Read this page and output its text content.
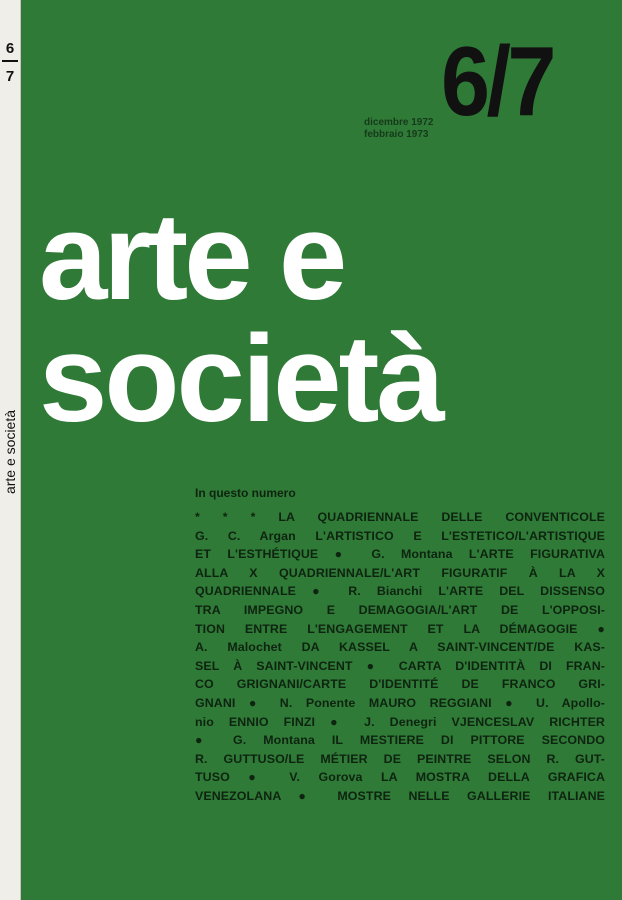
6
7
arte e società
6/7
dicembre 1972
febbraio 1973
arte e
società
In questo numero
* * * LA QUADRIENNALE DELLE CONVENTICOLE
G. C. Argan L'ARTISTICO E L'ESTETICO/L'ARTISTIQUE
ET L'ESTHÉTIQUE ● G. Montana L'ARTE FIGURATIVA
ALLA X QUADRIENNALE/L'ART FIGURATIF À LA X
QUADRIENNALE ● R. Bianchi L'ARTE DEL DISSENSO
TRA IMPEGNO E DEMAGOGIA/L'ART DE L'OPPOSI-
TION ENTRE L'ENGAGEMENT ET LA DÉMAGOGIE ●
A. Malochet DA KASSEL A SAINT-VINCENT/DE KAS-
SEL À SAINT-VINCENT ● CARTA D'IDENTITÀ DI FRAN-
CO GRIGNANI/CARTE D'IDENTITÉ DE FRANCO GRI-
GNANI ● N. Ponente MAURO REGGIANI ● U. Apollo-
nio ENNIO FINZI ● J. Denegri VJENCESLAV RICHTER
● G. Montana IL MESTIERE DI PITTORE SECONDO
R. GUTTUSO/LE MÉTIER DE PEINTRE SELON R. GUT-
TUSO ● V. Gorova LA MOSTRA DELLA GRAFICA
VENEZOLANA ● MOSTRE NELLE GALLERIE ITALIANE
